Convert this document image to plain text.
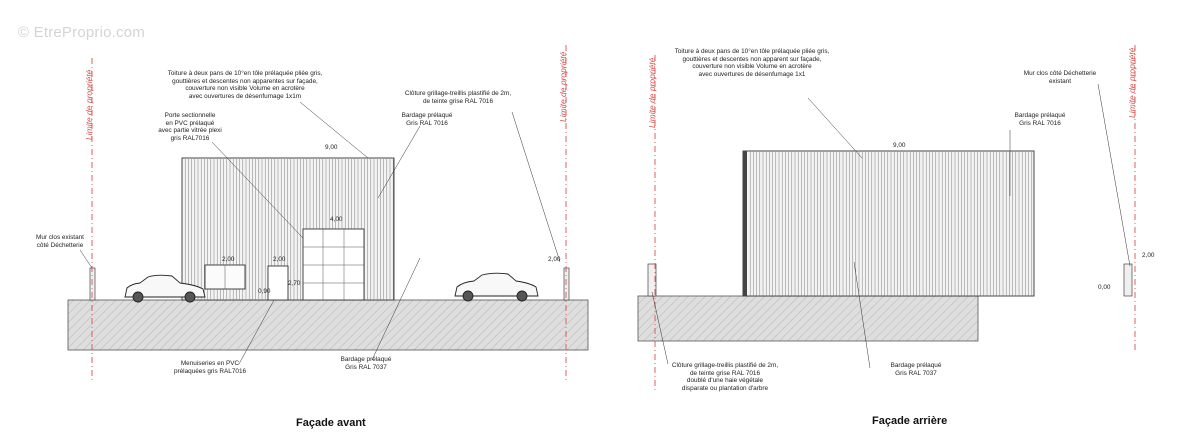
© EtreProprio.com
Limite de propriété	Limite de propriété
Toiture à deux pans de 10°en tôle prélaquée pliée gris,
gouttières et descentes non apparentes sur façade,
couverture non visible Volume en acrotère
avec ouvertures de désenfumage 1x1m
Porte sectionnelle
en PVC prélaqué
avec partie vitrée plexi
gris RAL7016
Clôture grillage-treillis plastifié de 2m,
de teinte grise RAL 7016
Bardage prélaqué
Gris RAL 7016
Mur clos existant
côté Déchetterie
Menuiseries en PVC
prélaquées gris RAL7016
Bardage prélaqué
Gris RAL 7037
9,00
4,00
2,00	2,00
0,90
2,70
2,00
Façade avant
Limite de propriété	Limite de propriété
Toiture à deux pans de 10°en tôle prélaquée pliée gris,
gouttières et descentes non apparent sur façade,
couverture non visible Volume en acrotère
avec ouvertures de désenfumage 1x1	Mur clos côté Déchetterie
existant
Bardage prélaqué
Gris RAL 7016
Clôture grillage-treillis plastifié de 2m,
de teinte grise RAL 7016
doublé d'une haie végétale
disparate ou plantation d'arbre
Bardage prélaqué
Gris RAL 7037
9,00
2,00
0,00
Façade arrière
